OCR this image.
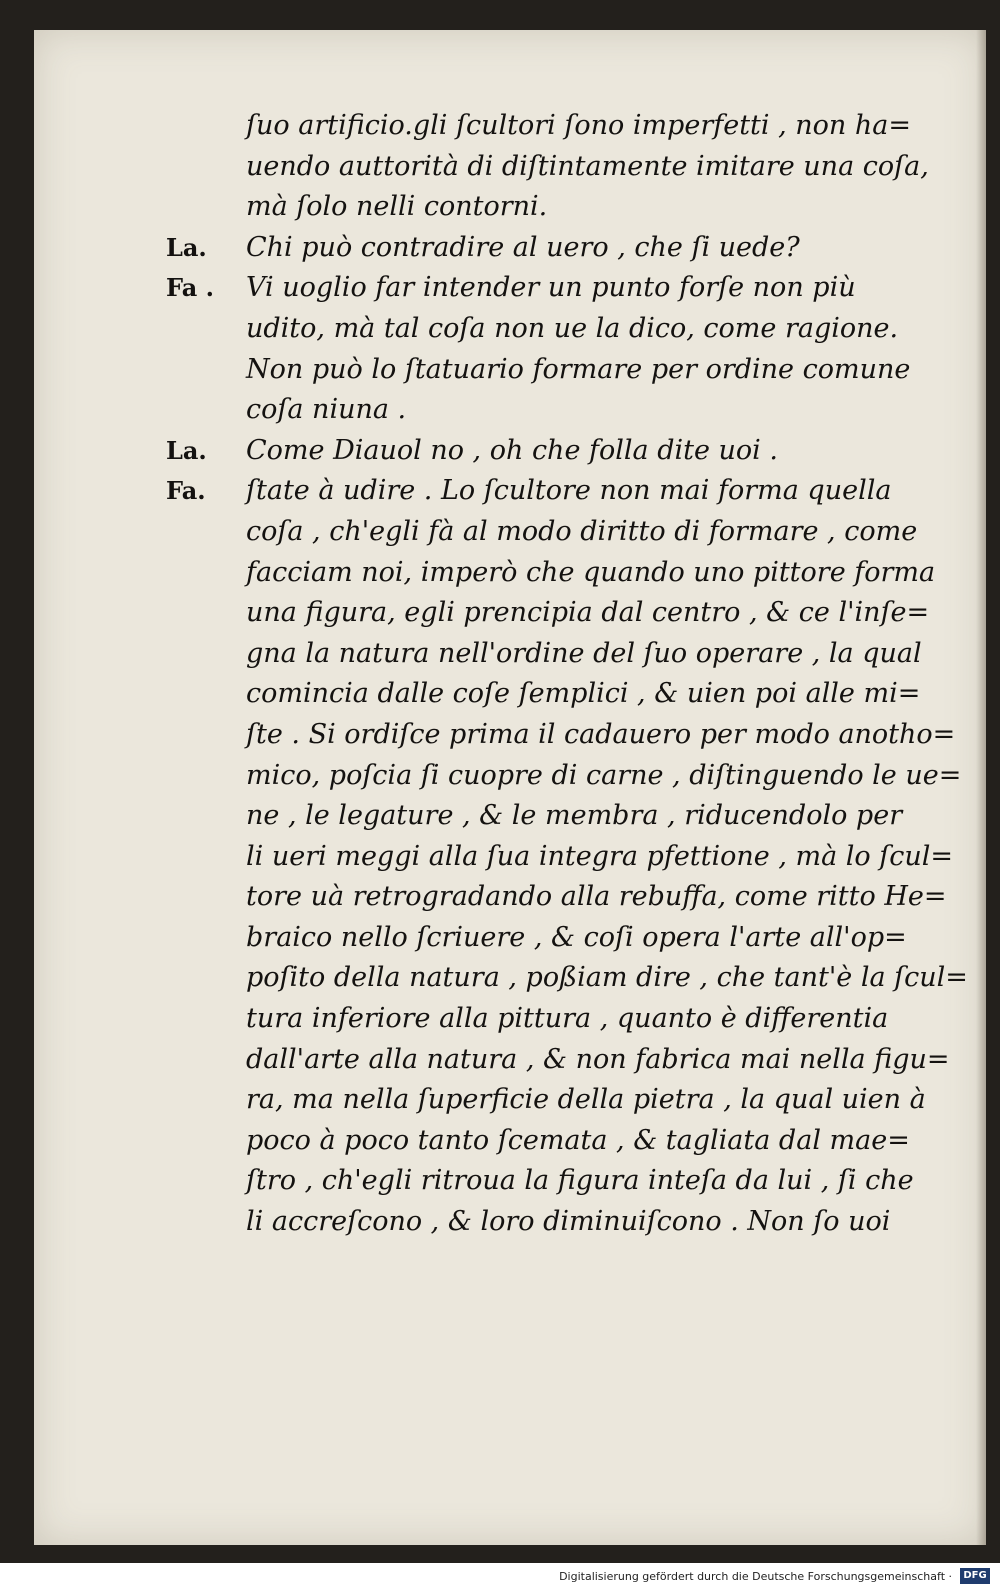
ſuo artificio.gli ſcultori ſono imperfetti , non ha=
uendo auttorità di diſtintamente imitare una coſa,
mà ſolo nelli contorni.
La. Chi può contradire al uero , che ſi uede?
Fa . Vi uoglio far intender un punto forſe non più
udito, mà tal coſa non ue la dico, come ragione.
Non può lo ſtatuario formare per ordine comune
coſa niuna .
La. Come Diauol no , oh che folla dite uoi .
Fa. ſtate à udire . Lo ſcultore non mai forma quella
coſa , ch'egli fà al modo diritto di formare , come
facciam noi, imperò che quando uno pittore forma
una figura, egli prencipia dal centro , & ce l'inſe=
gna la natura nell'ordine del ſuo operare , la qual
comincia dalle coſe ſemplici , & uien poi alle mi=
ſte . Si ordiſce prima il cadauero per modo anotho=
mico, poſcia ſi cuopre di carne , diſtinguendo le ue=
ne , le legature , & le membra , riducendolo per
li ueri meggi alla ſua integra pfettione , mà lo ſcul=
tore uà retrogradando alla rebuffa, come ritto He=
braico nello ſcriuere , & coſi opera l'arte all'op=
poſito della natura , poßiam dire , che tant'è la ſcul=
tura inferiore alla pittura , quanto è differentia
dall'arte alla natura , & non fabrica mai nella figu=
ra, ma nella ſuperficie della pietra , la qual uien à
poco à poco tanto ſcemata , & tagliata dal mae=
ſtro , ch'egli ritroua la figura inteſa da lui , ſi che
li accreſcono , & loro diminuiſcono . Non ſo uoi
Digitalisierung gefördert durch die Deutsche Forschungsgemeinschaft ·	DFG
